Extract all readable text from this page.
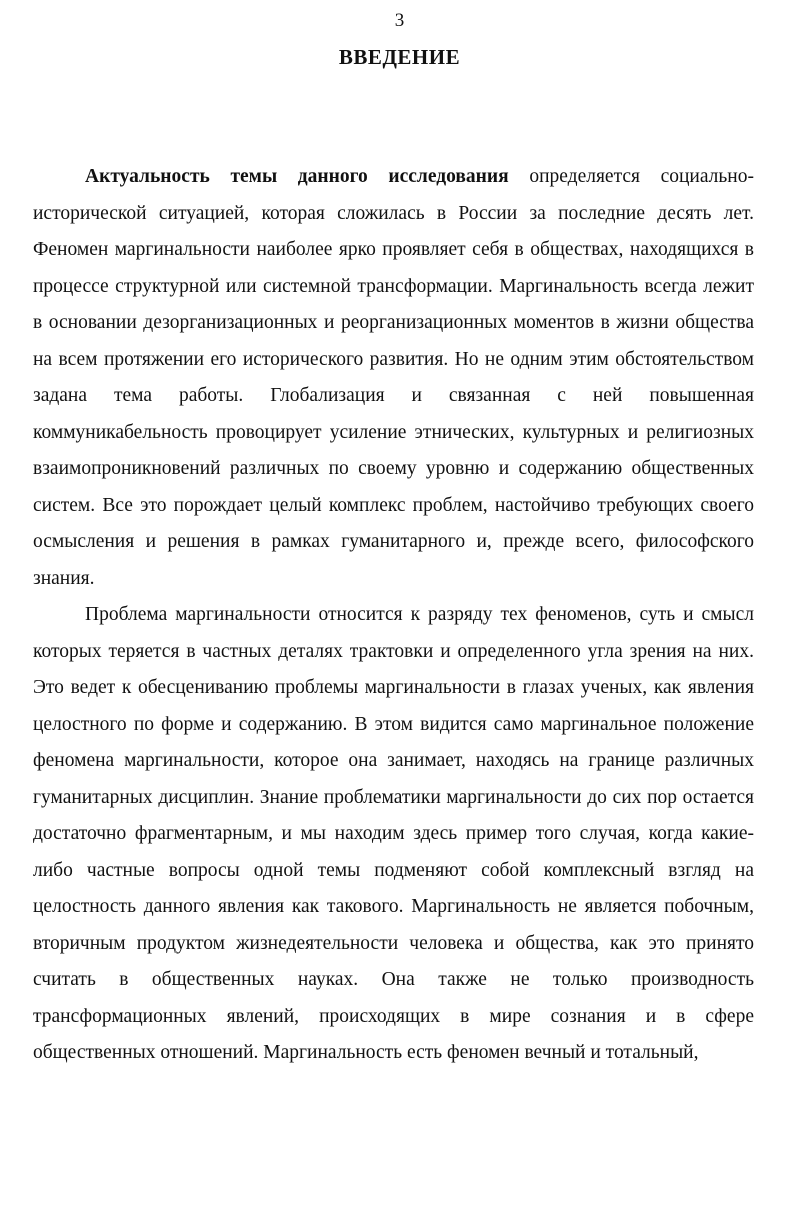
3
ВВЕДЕНИЕ

Актуальность темы данного исследования определяется социально-исторической ситуацией, которая сложилась в России за последние десять лет. Феномен маргинальности наиболее ярко проявляет себя в обществах, находящихся в процессе структурной или системной трансформации. Маргинальность всегда лежит в основании дезорганизационных и реорганизационных моментов в жизни общества на всем протяжении его исторического развития. Но не одним этим обстоятельством задана тема работы. Глобализация и связанная с ней повышенная коммуникабельность провоцирует усиление этнических, культурных и религиозных взаимопроникновений различных по своему уровню и содержанию общественных систем. Все это порождает целый комплекс проблем, настойчиво требующих своего осмысления и решения в рамках гуманитарного и, прежде всего, философского знания.

Проблема маргинальности относится к разряду тех феноменов, суть и смысл которых теряется в частных деталях трактовки и определенного угла зрения на них. Это ведет к обесцениванию проблемы маргинальности в глазах ученых, как явления целостного по форме и содержанию. В этом видится само маргинальное положение феномена маргинальности, которое она занимает, находясь на границе различных гуманитарных дисциплин. Знание проблематики маргинальности до сих пор остается достаточно фрагментарным, и мы находим здесь пример того случая, когда какие-либо частные вопросы одной темы подменяют собой комплексный взгляд на целостность данного явления как такового. Маргинальность не является побочным, вторичным продуктом жизнедеятельности человека и общества, как это принято считать в общественных науках. Она также не только производность трансформационных явлений, происходящих в мире сознания и в сфере общественных отношений. Маргинальность есть феномен вечный и тотальный,
